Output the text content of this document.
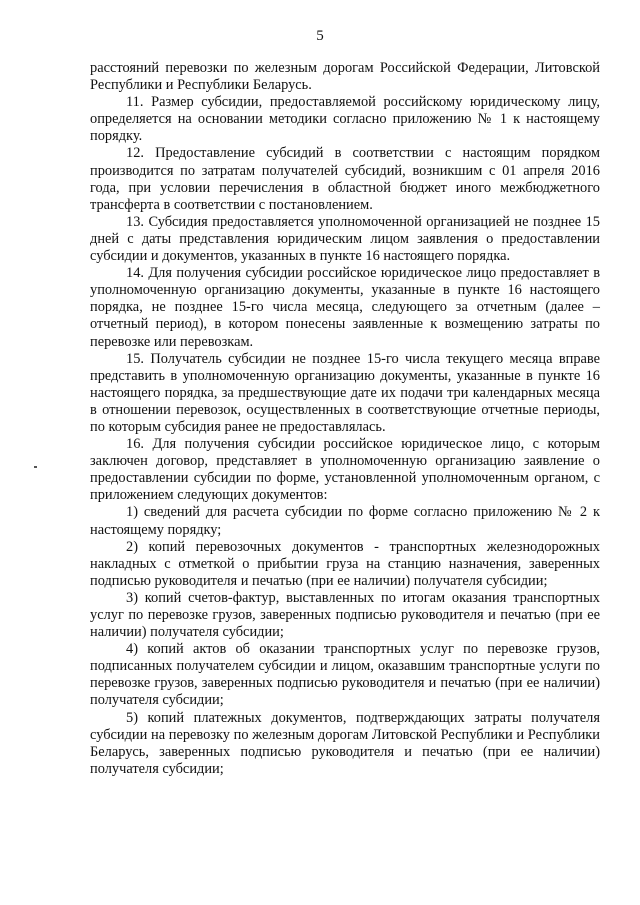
5

расстояний перевозки по железным дорогам Российской Федерации, Литовской Республики и Республики Беларусь.

11. Размер субсидии, предоставляемой российскому юридическому лицу, определяется на основании методики согласно приложению № 1 к настоящему порядку.

12. Предоставление субсидий в соответствии с настоящим порядком производится по затратам получателей субсидий, возникшим с 01 апреля 2016 года, при условии перечисления в областной бюджет иного межбюджетного трансферта в соответствии с постановлением.

13. Субсидия предоставляется уполномоченной организацией не позднее 15 дней с даты представления юридическим лицом заявления о предоставлении субсидии и документов, указанных в пункте 16 настоящего порядка.

14. Для получения субсидии российское юридическое лицо предоставляет в уполномоченную организацию документы, указанные в пункте 16 настоящего порядка, не позднее 15-го числа месяца, следующего за отчетным (далее – отчетный период), в котором понесены заявленные к возмещению затраты по перевозке или перевозкам.

15. Получатель субсидии не позднее 15-го числа текущего месяца вправе представить в уполномоченную организацию документы, указанные в пункте 16 настоящего порядка, за предшествующие дате их подачи три календарных месяца в отношении перевозок, осуществленных в соответствующие отчетные периоды, по которым субсидия ранее не предоставлялась.

16. Для получения субсидии российское юридическое лицо, с которым заключен договор, представляет в уполномоченную организацию заявление о предоставлении субсидии по форме, установленной уполномоченным органом, с приложением следующих документов:

1) сведений для расчета субсидии по форме согласно приложению № 2 к настоящему порядку;

2) копий перевозочных документов - транспортных железнодорожных накладных с отметкой о прибытии груза на станцию назначения, заверенных подписью руководителя и печатью (при ее наличии) получателя субсидии;

3) копий счетов-фактур, выставленных по итогам оказания транспортных услуг по перевозке грузов, заверенных подписью руководителя и печатью (при ее наличии) получателя субсидии;

4) копий актов об оказании транспортных услуг по перевозке грузов, подписанных получателем субсидии и лицом, оказавшим транспортные услуги по перевозке грузов, заверенных подписью руководителя и печатью (при ее наличии) получателя субсидии;

5) копий платежных документов, подтверждающих затраты получателя субсидии на перевозку по железным дорогам Литовской Республики и Республики Беларусь, заверенных подписью руководителя и печатью (при ее наличии) получателя субсидии;
